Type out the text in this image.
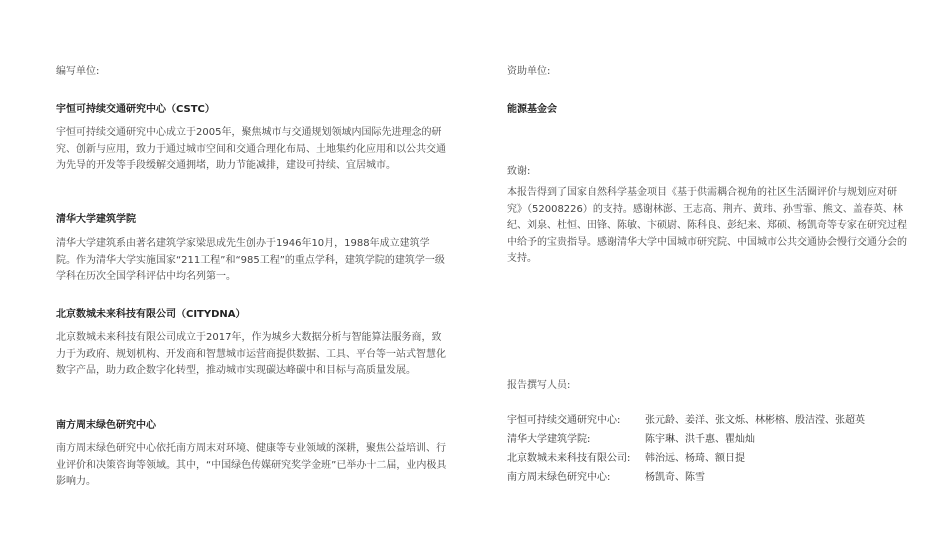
编写单位:
宇恒可持续交通研究中心（CSTC）
宇恒可持续交通研究中心成立于2005年，聚焦城市与交通规划领域内国际先进理念的研究、创新与应用，致力于通过城市空间和交通合理化布局、土地集约化应用和以公共交通为先导的开发等手段缓解交通拥堵，助力节能减排，建设可持续、宜居城市。
清华大学建筑学院
清华大学建筑系由著名建筑学家梁思成先生创办于1946年10月，1988年成立建筑学院。作为清华大学实施国家“211工程”和“985工程”的重点学科，建筑学院的建筑学一级学科在历次全国学科评估中均名列第一。
北京数城未来科技有限公司（CITYDNA）
北京数城未来科技有限公司成立于2017年，作为城乡大数据分析与智能算法服务商，致力于为政府、规划机构、开发商和智慧城市运营商提供数据、工具、平台等一站式智慧化数字产品，助力政企数字化转型，推动城市实现碳达峰碳中和目标与高质量发展。
南方周末绿色研究中心
南方周末绿色研究中心依托南方周末对环境、健康等专业领域的深耕，聚焦公益培训、行业评价和决策咨询等领域。其中，“中国绿色传媒研究奖学金班”已举办十二届，业内极具影响力。
资助单位:
能源基金会
致谢:
本报告得到了国家自然科学基金项目《基于供需耦合视角的社区生活圈评价与规划应对研究》（52008226）的支持。感谢林澎、王志高、荆卉、黄玮、孙雪霏、熊文、盖春英、林纪、刘泉、杜恒、田锋、陈敏、卞硕尉、陈科良、彭纪来、郑硕、杨凯奇等专家在研究过程中给予的宝贵指导。感谢清华大学中国城市研究院、中国城市公共交通协会慢行交通分会的支持。
报告撰写人员:
宇恒可持续交通研究中心:	张元龄、姜洋、张文烁、林彬榕、殷洁滢、张超英
清华大学建筑学院:	陈宇琳、洪千惠、瞿灿灿
北京数城未来科技有限公司:	韩治远、杨琦、额日提
南方周末绿色研究中心:	杨凯奇、陈雪
